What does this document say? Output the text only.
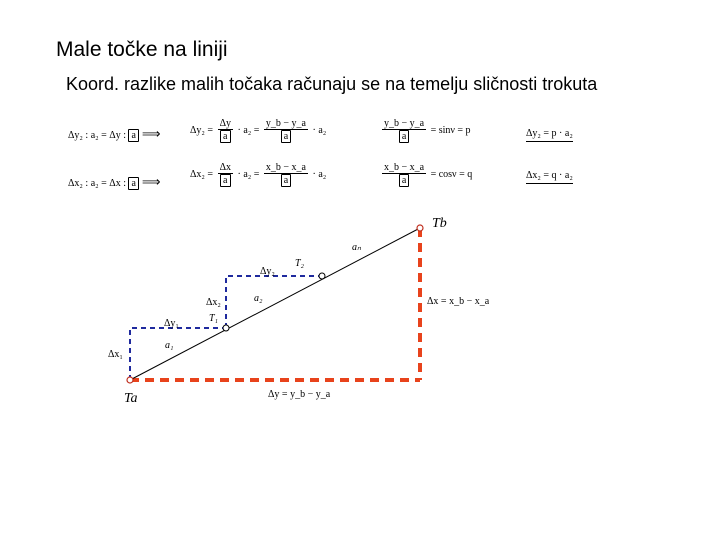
Male točke na liniji
Koord. razlike malih točaka računaju se na temelju sličnosti trokuta
Δy₂ : a₂ = Δy : a ⟹	$\Delta y_2 = \frac{\Delta y}{a} \cdot a_2 = \frac{y\_b - y\_a}{a} \cdot a_2$	$\frac{y\_b - y\_a}{a} = \sin\nu = p$	Δy₂ = p · a₂
Δx₂ : a₂ = Δx : a ⟹	$\Delta x_2 = \frac{\Delta x}{a} \cdot a_2 = \frac{x\_b - x\_a}{a} \cdot a_2$	$\frac{x\_b - x\_a}{a} = \cos\nu = q$	Δx₂ = q · a₂
Ta
Tb
T₁
T₂
aₙ
a₁
a₂
Δx₁
Δy₁
Δx₂
Δy₂
Δx = x_b − x_a
Δy = y_b − y_a
